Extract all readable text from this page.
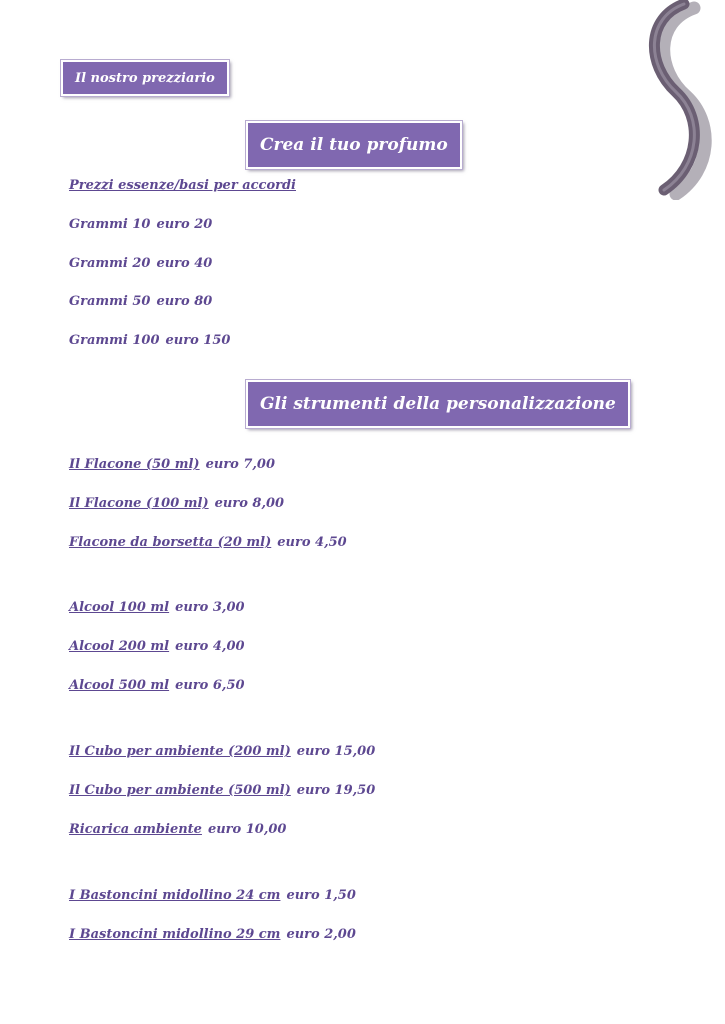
Il nostro prezziario
Crea il tuo profumo
Prezzi essenze/basi per accordi
Grammi 10 euro 20
Grammi 20 euro 40
Grammi 50 euro 80
Grammi 100 euro 150
Gli strumenti della personalizzazione
Il Flacone (50 ml) euro 7,00
Il Flacone (100 ml) euro 8,00
Flacone da borsetta (20 ml) euro 4,50
Alcool 100 ml euro 3,00
Alcool 200 ml euro 4,00
Alcool 500 ml euro 6,50
Il Cubo per ambiente (200 ml) euro 15,00
Il Cubo per ambiente (500 ml) euro 19,50
Ricarica ambiente euro 10,00
I Bastoncini midollino 24 cm euro 1,50
I Bastoncini midollino 29 cm euro 2,00
